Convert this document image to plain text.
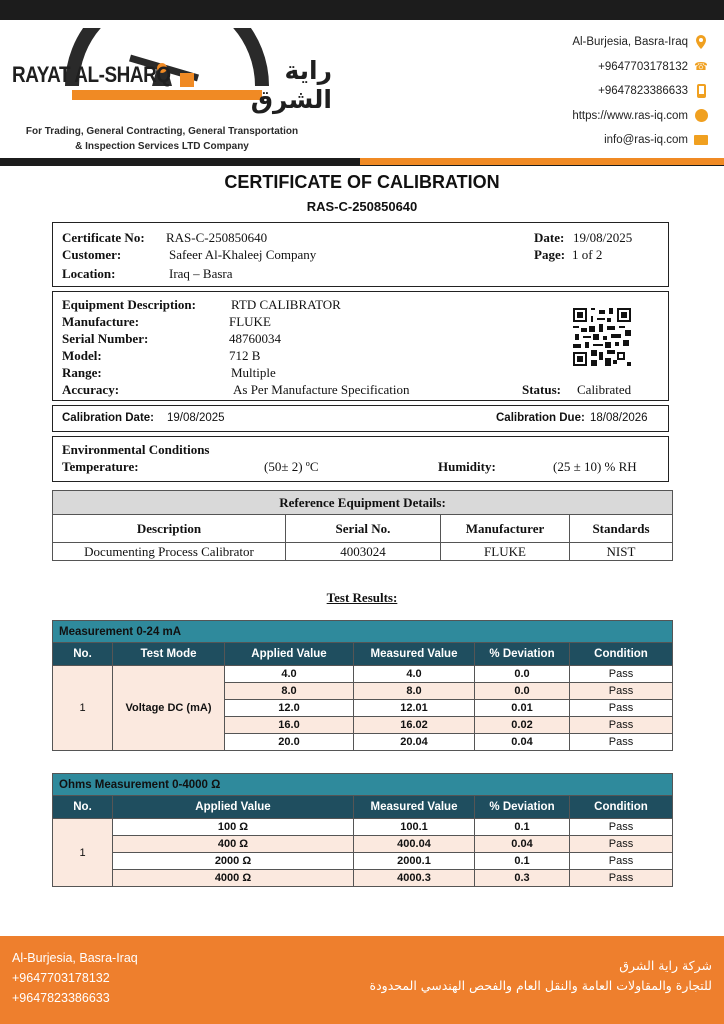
RAYAT AL-SHARQ	راية الشرق
For Trading, General Contracting, General Transportation
& Inspection Services LTD Company
Al-Burjesia, Basra-Iraq
+9647703178132 ☎
+9647823386633
https://www.ras-iq.com
info@ras-iq.com
CERTIFICATE OF CALIBRATION
RAS-C-250850640
Certificate No: RAS-C-250850640
Customer:	Safeer Al-Khaleej Company
Location:	Iraq – Basra
Date: 19/08/2025
Page: 1 of 2
Equipment Description:	RTD CALIBRATOR
Manufacture:	FLUKE
Serial Number:	48760034
Model:	712 B
Range:	Multiple
Accuracy:	As Per Manufacture Specification	Status: Calibrated
Calibration Date: 19/08/2025	Calibration Due: 18/08/2026
Environmental Conditions
Temperature:	(50± 2) ºC	Humidity:	(25 ± 10) % RH
Reference Equipment Details:			
Description	Serial No.	Manufacturer	Standards
Documenting Process Calibrator	4003024	FLUKE	NIST
Test Results:
Measurement 0-24 mA					
No.	Test Mode	Applied Value	Measured Value	% Deviation	Condition
1	Voltage DC (mA)	4.0	4.0	0.0	Pass
		8.0	8.0	0.0	Pass
		12.0	12.01	0.01	Pass
		16.0	16.02	0.02	Pass
		20.0	20.04	0.04	Pass
Ohms Measurement 0-4000 Ω				
No.	Applied Value	Measured Value	% Deviation	Condition
1	100 Ω	100.1	0.1	Pass
	400 Ω	400.04	0.04	Pass
	2000 Ω	2000.1	0.1	Pass
	4000 Ω	4000.3	0.3	Pass
Al-Burjesia, Basra-Iraq
+9647703178132
+9647823386633
شركة راية الشرق
للتجارة والمقاولات العامة والنقل العام والفحص الهندسي المحدودة
